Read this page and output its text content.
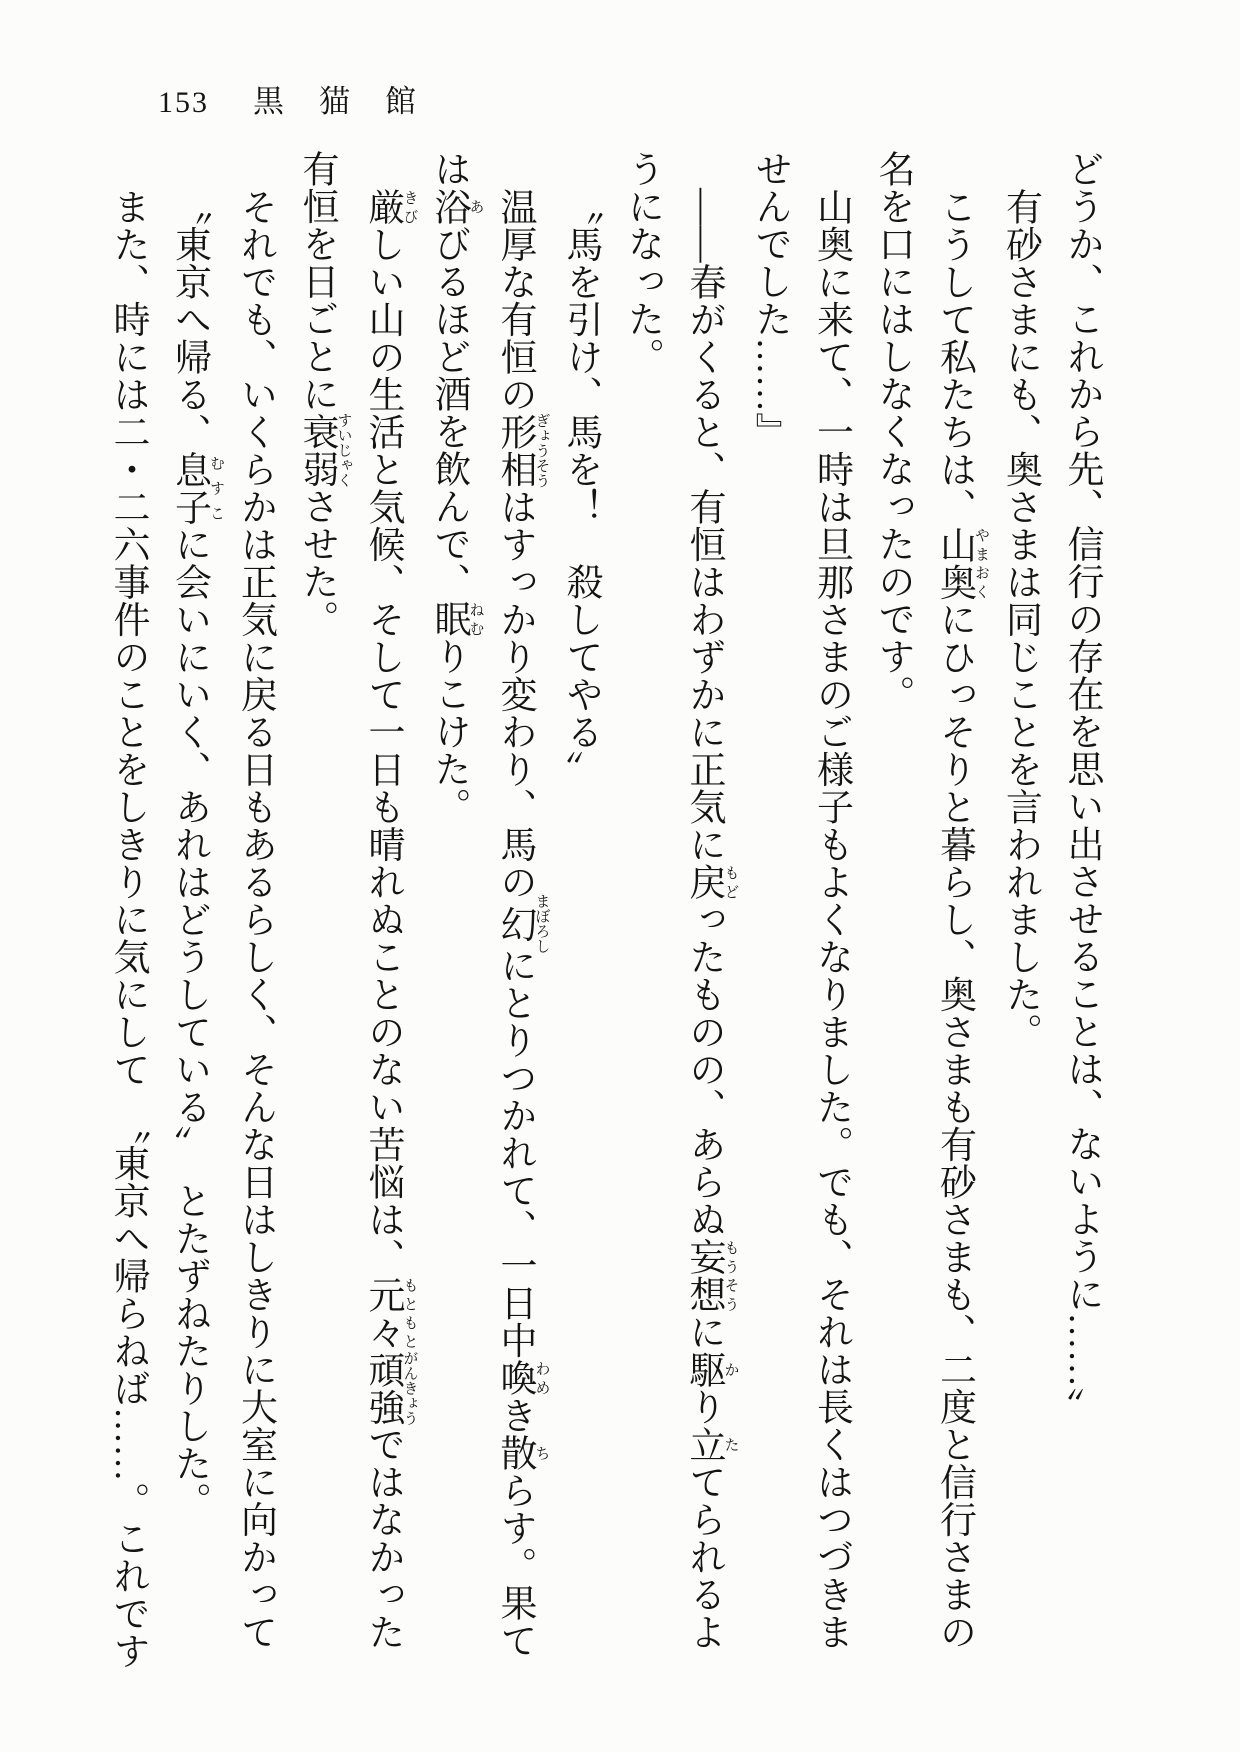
153 黒　猫　館

どうか、これから先、信行の存在を思い出させることは、ないように……〟

有砂さまにも、奥さまは同じことを言われました。

こうして私たちは、山奥やまおくにひっそりと暮らし、奥さまも有砂さまも、二度と信行さまの

名を口にはしなくなったのです。

山奥に来て、一時は旦那さまのご様子もよくなりました。でも、それは長くはつづきま

せんでした……』

——春がくると、有恒はわずかに正気に戻もどったものの、あらぬ妄想もうそうに駆かり立たてられるよ

うになった。

〝馬を引け、馬を！　殺してやる〟

温厚な有恒の形相ぎょうそうはすっかり変わり、馬の幻まぼろしにとりつかれて、一日中喚わめき散ちらす。果て

は浴あびるほど酒を飲んで、眠ねむりこけた。

厳きびしい山の生活と気候、そして一日も晴れぬことのない苦悩は、元々もともと頑強がんきょうではなかった

有恒を日ごとに衰弱すいじゃくさせた。

それでも、いくらかは正気に戻る日もあるらしく、そんな日はしきりに大室に向かって

〝東京へ帰る、息子むすこに会いにいく、あれはどうしている〟　とたずねたりした。

また、時には二・二六事件のことをしきりに気にして　〝東京へ帰らねば……。これです
